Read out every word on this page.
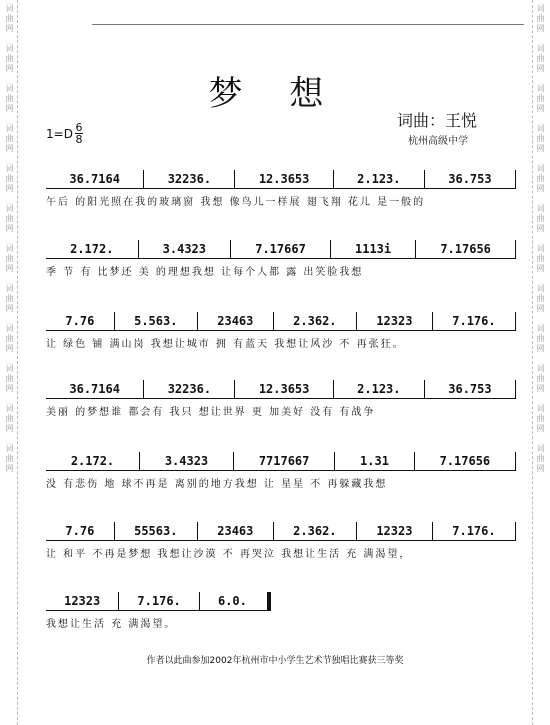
词
曲
网
词
曲
网
词
曲
网
词
曲
网
词
曲
网
词
曲
网
词
曲
网
词
曲
网
词
曲
网
词
曲
网
词
曲
网
词
曲
网
词
曲
网
词
曲
网
词
曲
网
词
曲
网
词
曲
网
词
曲
网
词
曲
网
词
曲
网
词
曲
网
词
曲
网
词
曲
网
词
曲
网
梦 想
$1=D \frac{6}{8}$
词曲：王悦
杭州高级中学
36.7164	32236.	12.3653	2.123.	36.753
午后 的阳光照在我的玻璃窗 我想 像鸟儿一样展 翅飞翔 花儿 是一般的
2.172.	3.4323	7.17667	1113i	7.17656
季 节 有 比梦还 美 的理想我想 让每个人都 露 出笑脸我想
7.76	5.563.	23463	2.362.	12323	7.176.
让 绿色 铺 满山岗 我想让城市 拥 有蓝天 我想让风沙 不 再张狂。
36.7164	32236.	12.3653	2.123.	36.753
美丽 的梦想谁 都会有 我只 想让世界 更 加美好 没有 有战争
2.172.	3.4323	7717667	1.31	7.17656
没 有悲伤 地 球不再是 离别的地方我想 让 星星 不 再躲藏我想
7.76	55563.	23463	2.362.	12323	7.176.
让 和平 不再是梦想 我想让沙漠 不 再哭泣 我想让生活 充 满渴望，
12323	7.176.	6.0.
我想让生活 充 满渴望。
作者以此曲参加2002年杭州市中小学生艺术节独唱比赛获三等奖
